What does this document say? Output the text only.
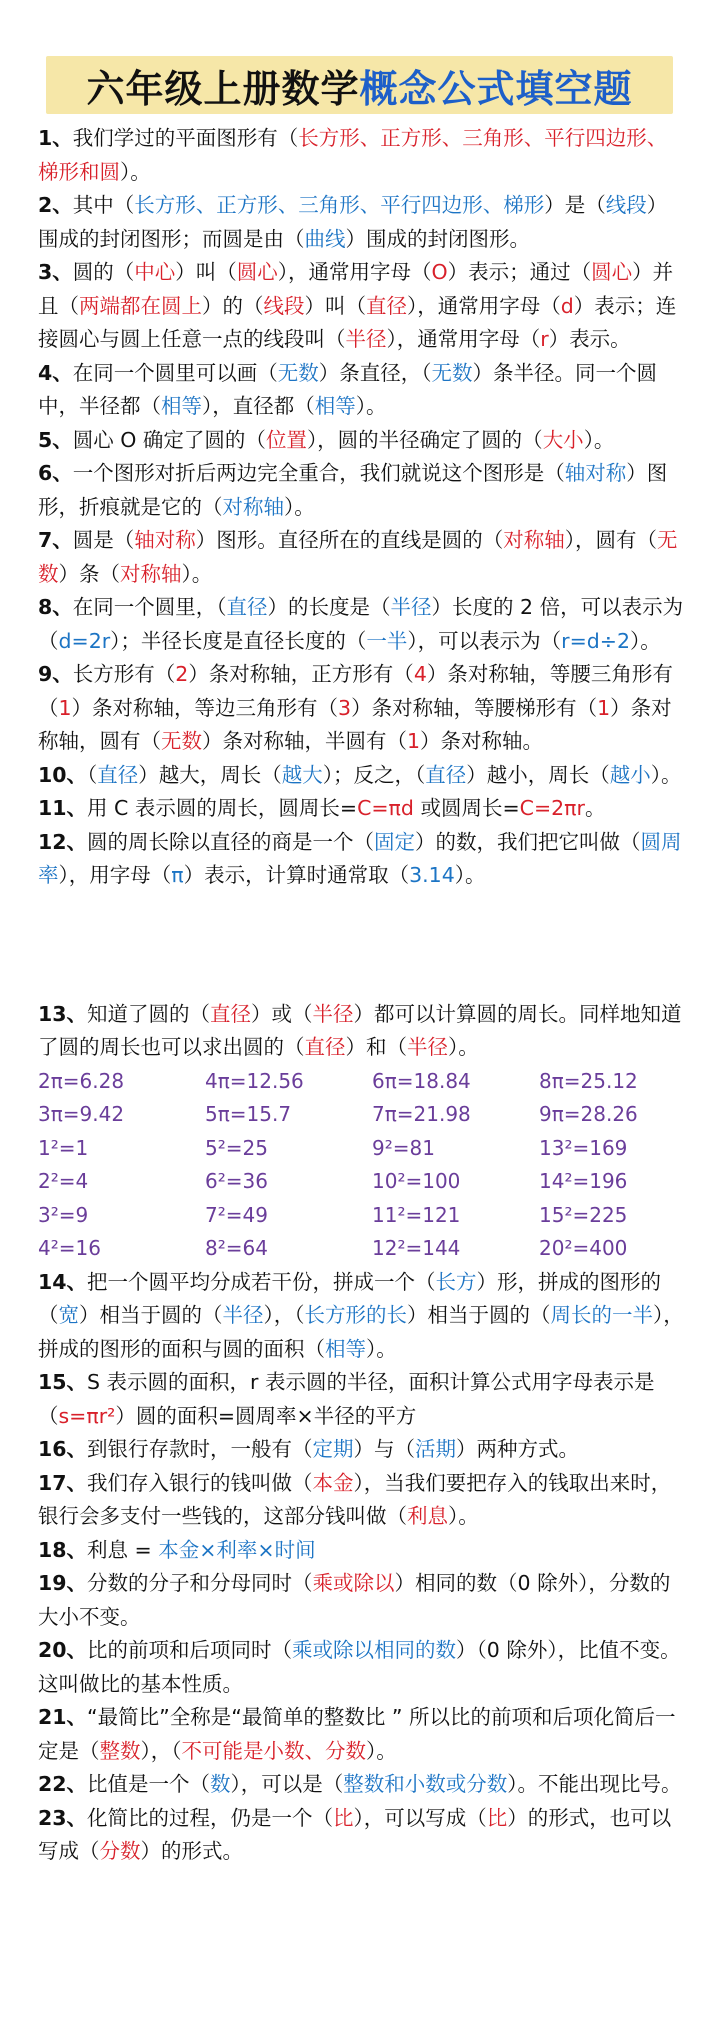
六年级上册数学概念公式填空题

1、我们学过的平面图形有（长方形、正方形、三角形、平行四边形、梯形和圆）。

2、其中（长方形、正方形、三角形、平行四边形、梯形）是（线段）围成的封闭图形；而圆是由（曲线）围成的封闭图形。

3、圆的（中心）叫（圆心），通常用字母（O）表示；通过（圆心）并且（两端都在圆上）的（线段）叫（直径），通常用字母（d）表示；连接圆心与圆上任意一点的线段叫（半径），通常用字母（r）表示。

4、在同一个圆里可以画（无数）条直径，（无数）条半径。同一个圆中，半径都（相等），直径都（相等）。

5、圆心 O 确定了圆的（位置），圆的半径确定了圆的（大小）。

6、一个图形对折后两边完全重合，我们就说这个图形是（轴对称）图形，折痕就是它的（对称轴）。

7、圆是（轴对称）图形。直径所在的直线是圆的（对称轴），圆有（无数）条（对称轴）。

8、在同一个圆里，（直径）的长度是（半径）长度的 2 倍，可以表示为（d=2r）；半径长度是直径长度的（一半），可以表示为（r=d÷2）。

9、长方形有（2）条对称轴，正方形有（4）条对称轴，等腰三角形有（1）条对称轴，等边三角形有（3）条对称轴，等腰梯形有（1）条对称轴，圆有（无数）条对称轴，半圆有（1）条对称轴。

10、（直径）越大，周长（越大）；反之，（直径）越小，周长（越小）。

11、用 C 表示圆的周长，圆周长=C=πd 或圆周长=C=2πr。

12、圆的周长除以直径的商是一个（固定）的数，我们把它叫做（圆周率），用字母（π）表示，计算时通常取（3.14）。

13、知道了圆的（直径）或（半径）都可以计算圆的周长。同样地知道了圆的周长也可以求出圆的（直径）和（半径）。

2π=6.28	4π=12.56	6π=18.84	8π=25.12
3π=9.42	5π=15.7	7π=21.98	9π=28.26
1²=1	5²=25	9²=81	13²=169
2²=4	6²=36	10²=100	14²=196
3²=9	7²=49	11²=121	15²=225
4²=16	8²=64	12²=144	20²=400

14、把一个圆平均分成若干份，拼成一个（长方）形，拼成的图形的（宽）相当于圆的（半径），（长方形的长）相当于圆的（周长的一半），拼成的图形的面积与圆的面积（相等）。

15、S 表示圆的面积，r 表示圆的半径，面积计算公式用字母表示是（s=πr²）圆的面积=圆周率×半径的平方

16、到银行存款时，一般有（定期）与（活期）两种方式。

17、我们存入银行的钱叫做（本金），当我们要把存入的钱取出来时，银行会多支付一些钱的，这部分钱叫做（利息）。

18、利息 = 本金×利率×时间

19、分数的分子和分母同时（乘或除以）相同的数（0 除外），分数的大小不变。

20、比的前项和后项同时（乘或除以相同的数）（0 除外），比值不变。这叫做比的基本性质。

21、“最简比”全称是“最简单的整数比 ” 所以比的前项和后项化简后一定是（整数），（不可能是小数、分数）。

22、比值是一个（数），可以是（整数和小数或分数）。不能出现比号。

23、化简比的过程，仍是一个（比），可以写成（比）的形式，也可以写成（分数）的形式。
